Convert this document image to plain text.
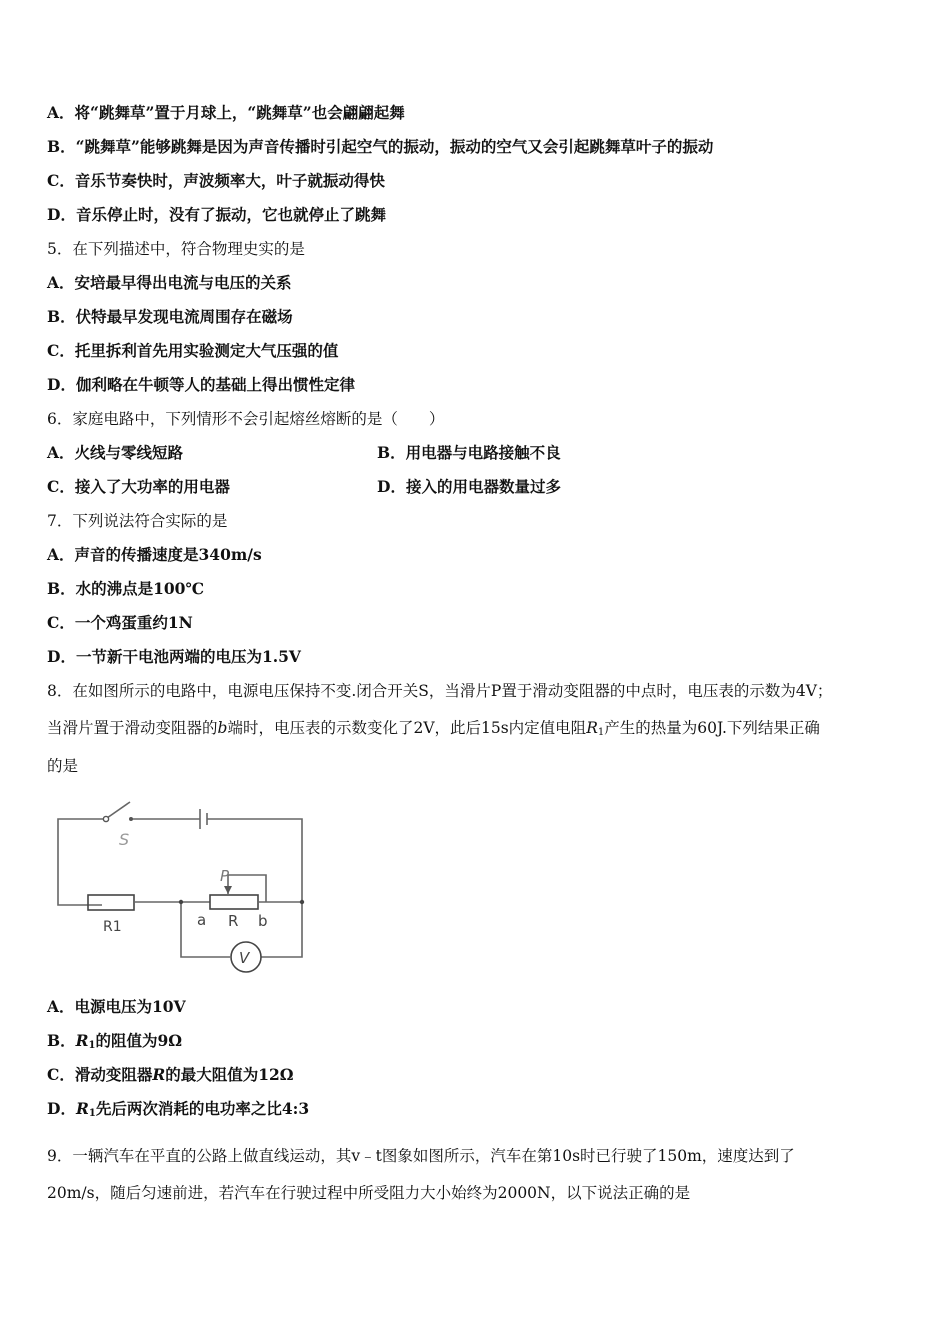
A．将“跳舞草”置于月球上，“跳舞草”也会翩翩起舞
B．“跳舞草”能够跳舞是因为声音传播时引起空气的振动，振动的空气又会引起跳舞草叶子的振动
C．音乐节奏快时，声波频率大，叶子就振动得快
D．音乐停止时，没有了振动，它也就停止了跳舞
5．在下列描述中，符合物理史实的是
A．安培最早得出电流与电压的关系
B．伏特最早发现电流周围存在磁场
C．托里拆利首先用实验测定大气压强的值
D．伽利略在牛顿等人的基础上得出惯性定律
6．家庭电路中，下列情形不会引起熔丝熔断的是（　　）
A．火线与零线短路	B．用电器与电路接触不良
C．接入了大功率的用电器	D．接入的用电器数量过多
7．下列说法符合实际的是
A．声音的传播速度是340m/s
B．水的沸点是100℃
C．一个鸡蛋重约1N
D．一节新干电池两端的电压为1.5V
8．在如图所示的电路中，电源电压保持不变.闭合开关S，当滑片P置于滑动变阻器的中点时，电压表的示数为4V；
当滑片置于滑动变阻器的b端时，电压表的示数变化了2V，此后15s内定值电阻$R_1$产生的热量为60J.下列结果正确
的是
S
P
R1	a R b
V
A．电源电压为10V
B．$R_1$的阻值为9Ω
C．滑动变阻器R的最大阻值为12Ω
D．$R_1$先后两次消耗的电功率之比4:3
9．一辆汽车在平直的公路上做直线运动，其v﹣t图象如图所示，汽车在第10s时已行驶了150m，速度达到了
20m/s，随后匀速前进，若汽车在行驶过程中所受阻力大小始终为2000N，以下说法正确的是
